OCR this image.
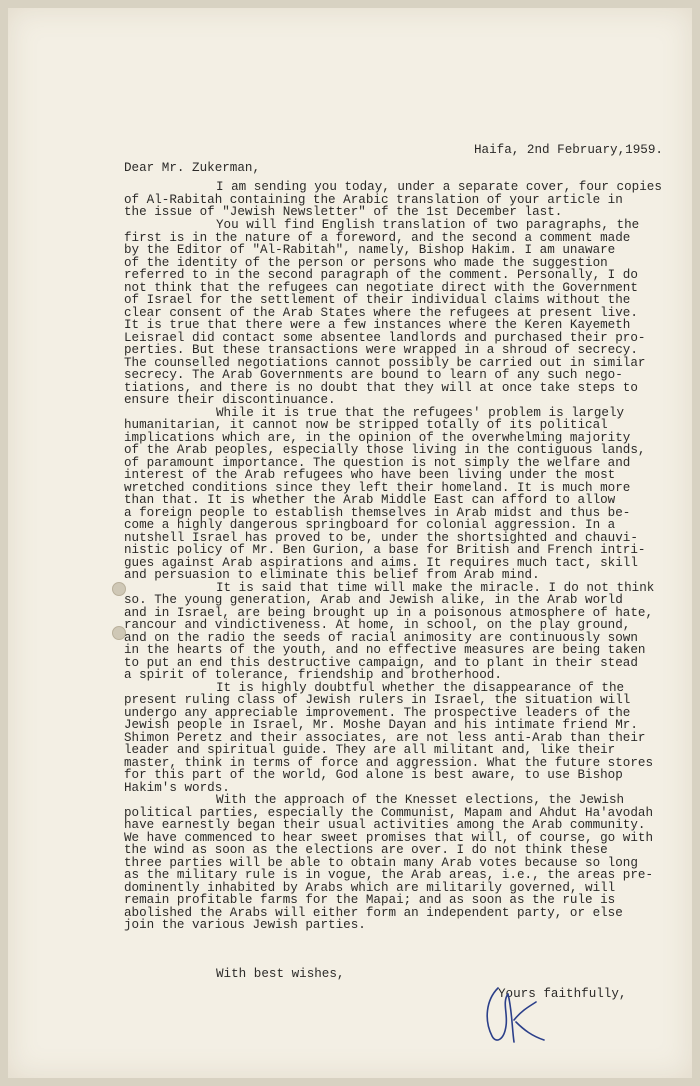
Haifa, 2nd February,1959.
Dear Mr. Zukerman,
I am sending you today, under a separate cover, four copies
of Al-Rabitah containing the Arabic translation of your article in
the issue of "Jewish Newsletter" of the 1st December last.
You will find English translation of two paragraphs, the
first is in the nature of a foreword, and the second a comment made
by the Editor of "Al-Rabitah", namely, Bishop Hakim. I am unaware
of the identity of the person or persons who made the suggestion
referred to in the second paragraph of the comment. Personally, I do
not think that the refugees can negotiate direct with the Government
of Israel for the settlement of their individual claims without the
clear consent of the Arab States where the refugees at present live.
It is true that there were a few instances where the Keren Kayemeth
Leisrael did contact some absentee landlords and purchased their pro-
perties. But these transactions were wrapped in a shroud of secrecy.
The counselled negotiations cannot possibly be carried out in similar
secrecy. The Arab Governments are bound to learn of any such nego-
tiations, and there is no doubt that they will at once take steps to
ensure their discontinuance.
While it is true that the refugees' problem is largely
humanitarian, it cannot now be stripped totally of its political
implications which are, in the opinion of the overwhelming majority
of the Arab peoples, especially those living in the contiguous lands,
of paramount importance. The question is not simply the welfare and
interest of the Arab refugees who have been living under the most
wretched conditions since they left their homeland. It is much more
than that. It is whether the Arab Middle East can afford to allow
a foreign people to establish themselves in Arab midst and thus be-
come a highly dangerous springboard for colonial aggression. In a
nutshell Israel has proved to be, under the shortsighted and chauvi-
nistic policy of Mr. Ben Gurion, a base for British and French intri-
gues against Arab aspirations and aims. It requires much tact, skill
and persuasion to eliminate this belief from Arab mind.
It is said that time will make the miracle. I do not think
so. The young generation, Arab and Jewish alike, in the Arab world
and in Israel, are being brought up in a poisonous atmosphere of hate,
rancour and vindictiveness. At home, in school, on the play ground,
and on the radio the seeds of racial animosity are continuously sown
in the hearts of the youth, and no effective measures are being taken
to put an end this destructive campaign, and to plant in their stead
a spirit of tolerance, friendship and brotherhood.
It is highly doubtful whether the disappearance of the
present ruling class of Jewish rulers in Israel, the situation will
undergo any appreciable improvement. The prospective leaders of the
Jewish people in Israel, Mr. Moshe Dayan and his intimate friend Mr.
Shimon Peretz and their associates, are not less anti-Arab than their
leader and spiritual guide. They are all militant and, like their
master, think in terms of force and aggression. What the future stores
for this part of the world, God alone is best aware, to use Bishop
Hakim's words.
With the approach of the Knesset elections, the Jewish
political parties, especially the Communist, Mapam and Ahdut Ha'avodah
have earnestly began their usual activities among the Arab community.
We have commenced to hear sweet promises that will, of course, go with
the wind as soon as the elections are over. I do not think these
three parties will be able to obtain many Arab votes because so long
as the military rule is in vogue, the Arab areas, i.e., the areas pre-
dominently inhabited by Arabs which are militarily governed, will
remain profitable farms for the Mapai; and as soon as the rule is
abolished the Arabs will either form an independent party, or else
join the various Jewish parties.
With best wishes,
Yours faithfully,
